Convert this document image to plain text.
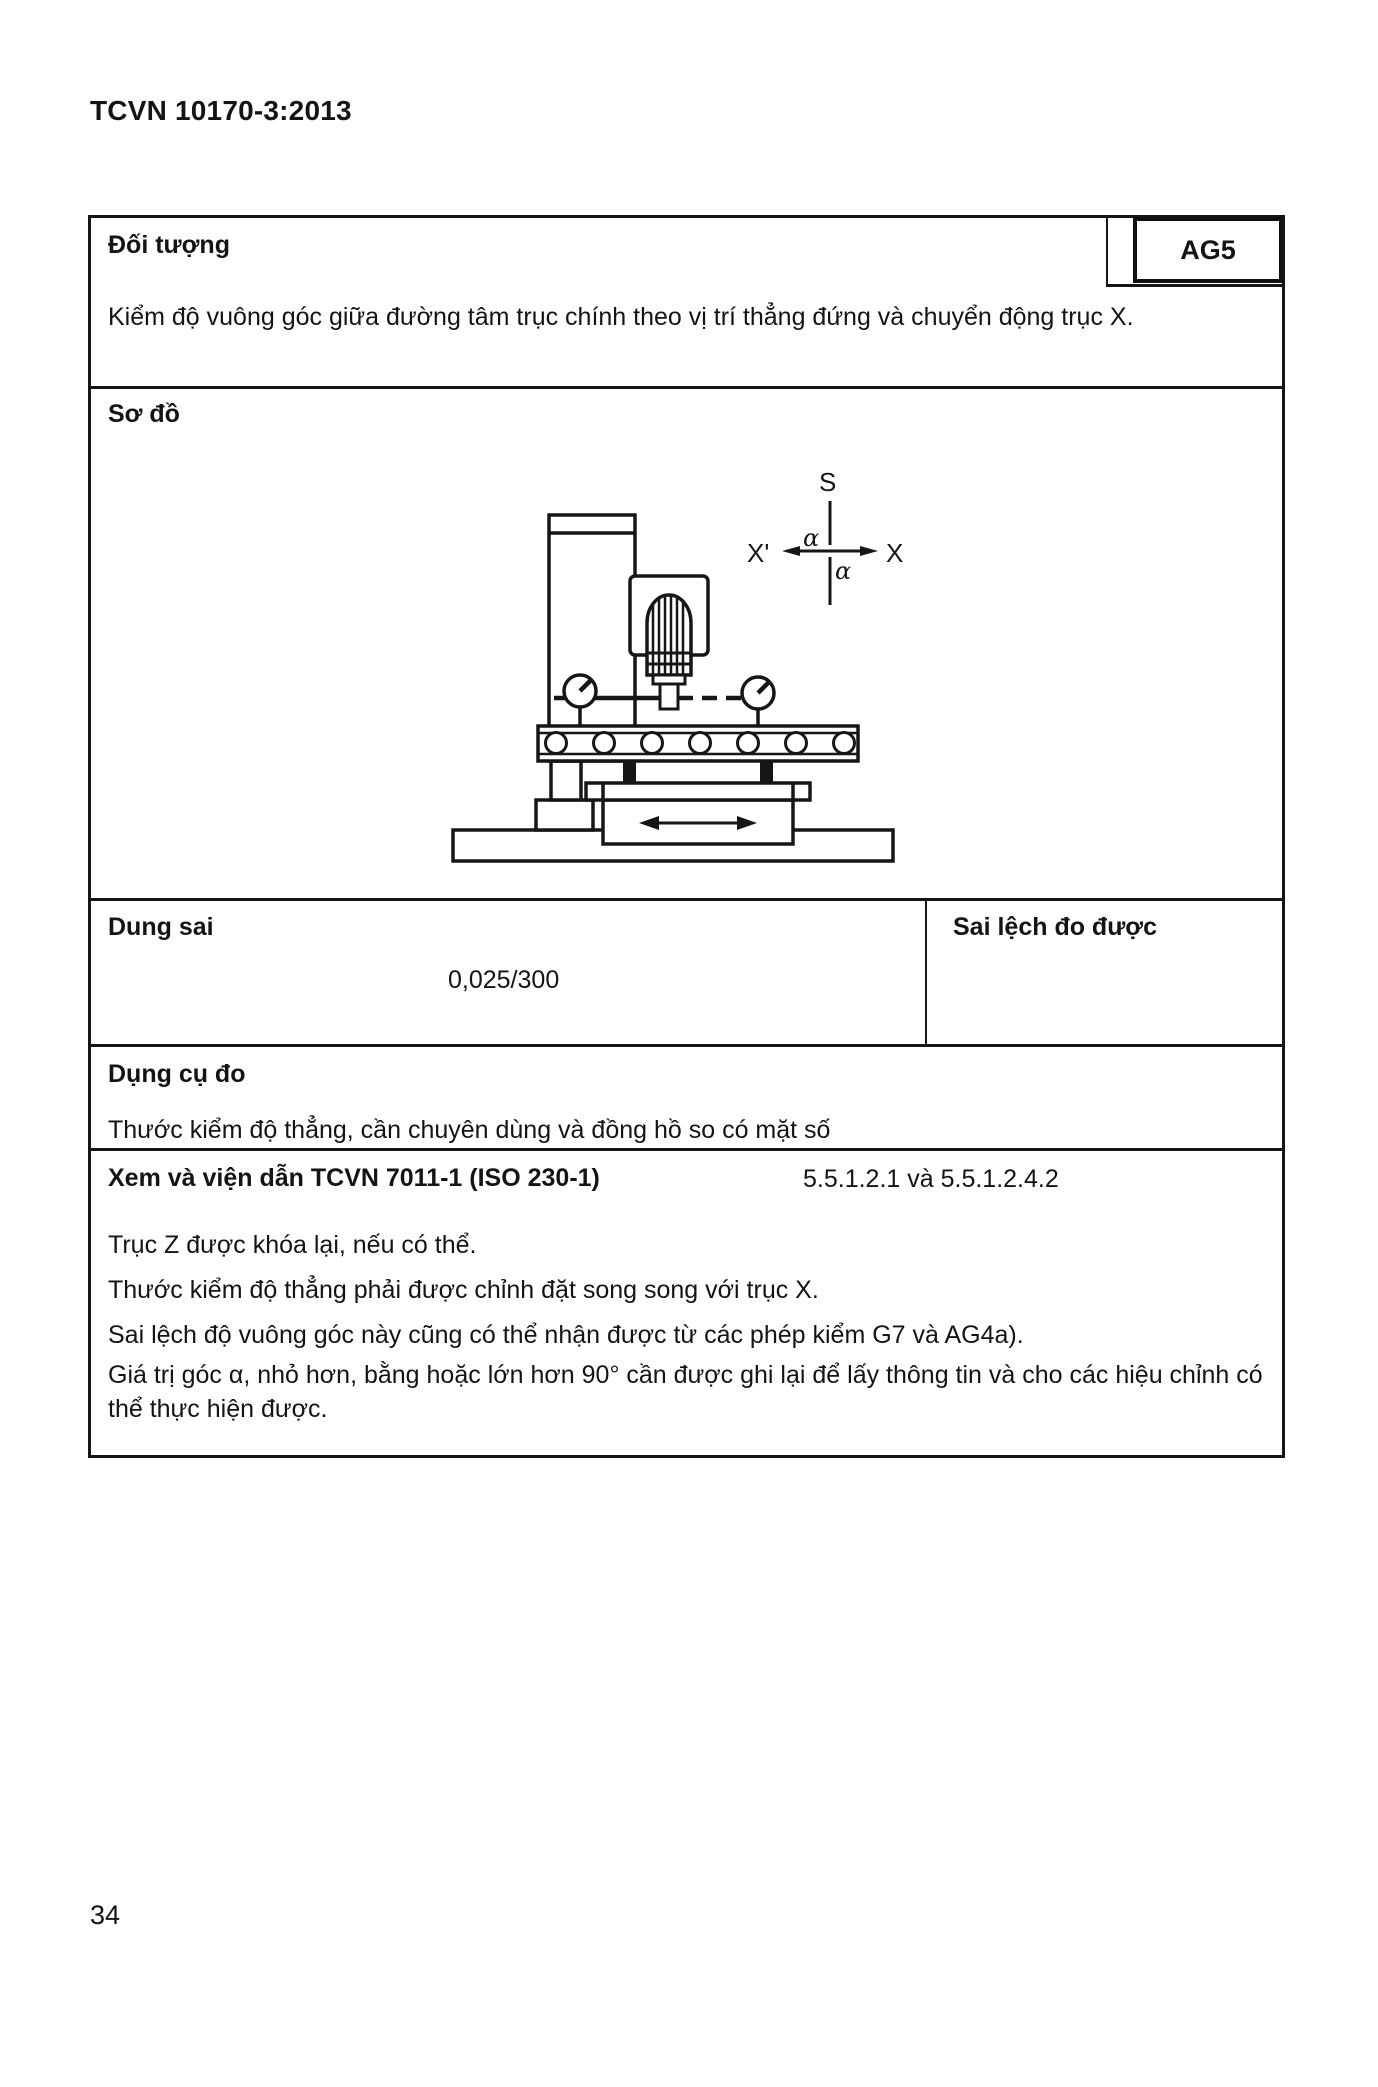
TCVN 10170-3:2013
Đối tượng	AG5
Kiểm độ vuông góc giữa đường tâm trục chính theo vị trí thẳng đứng và chuyển động trục X.
Sơ đồ
S
X'	X
α
α
Dung sai	Sai lệch đo được
0,025/300
Dụng cụ đo
Thước kiểm độ thẳng, cần chuyên dùng và đồng hồ so có mặt số
Xem và viện dẫn TCVN 7011-1 (ISO 230-1)	5.5.1.2.1 và 5.5.1.2.4.2
Trục Z được khóa lại, nếu có thể.
Thước kiểm độ thẳng phải được chỉnh đặt song song với trục X.
Sai lệch độ vuông góc này cũng có thể nhận được từ các phép kiểm G7 và AG4a).
Giá trị góc α, nhỏ hơn, bằng hoặc lớn hơn 90° cần được ghi lại để lấy thông tin và cho các hiệu chỉnh có thể thực hiện được.
34
